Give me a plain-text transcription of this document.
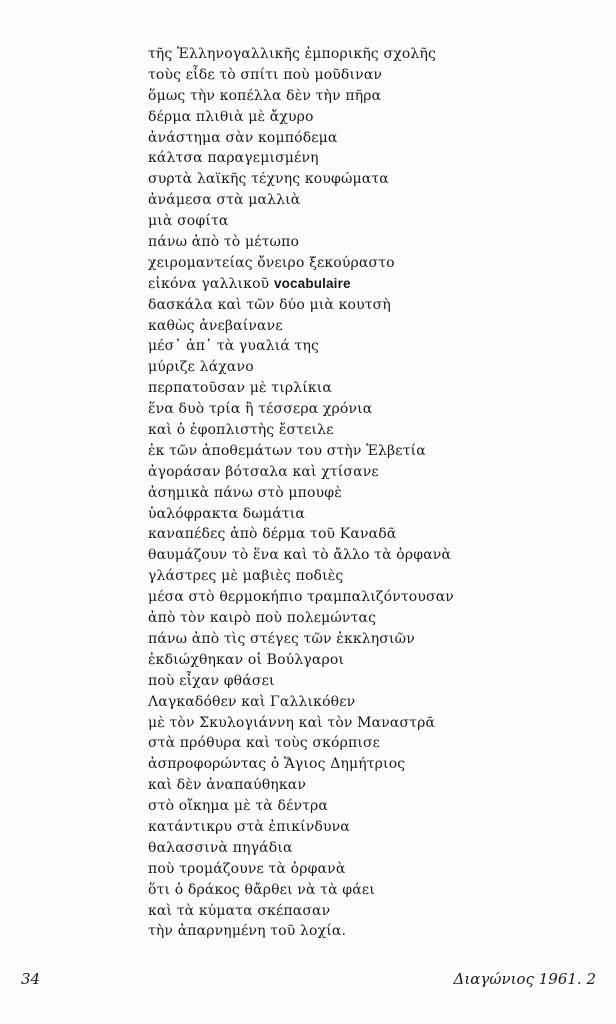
τῆς Ἑλληνογαλλικῆς ἐμπορικῆς σχολῆς
τοὺς εἶδε τὸ σπίτι ποὺ μοῦδιναν
ὅμως τὴν κοπέλλα δὲν τὴν πῆρα
δέρμα πλιθιὰ μὲ ἄχυρο
ἀνάστημα σὰν κομπόδεμα
κάλτσα παραγεμισμένη
συρτὰ λαϊκῆς τέχνης κουφώματα
ἀνάμεσα στὰ μαλλιὰ
μιὰ σοφίτα
πάνω ἀπὸ τὸ μέτωπο
χειρομαντείας ὄνειρο ξεκούραστο
εἰκόνα γαλλικοῦ vocabulaire
δασκάλα καὶ τῶν δύο μιὰ κουτσὴ
καθὼς ἀνεβαίνανε
μέσ᾽ ἀπ᾽ τὰ γυαλιά της
μύριζε λάχανο
περπατοῦσαν μὲ τιρλίκια
ἕνα δυὸ τρία ἢ τέσσερα χρόνια
καὶ ὁ ἐφοπλιστὴς ἔστειλε
ἐκ τῶν ἀποθεμάτων του στὴν Ἑλβετία
ἀγοράσαν βότσαλα καὶ χτίσανε
ἀσημικὰ πάνω στὸ μπουφὲ
ὑαλόφρακτα δωμάτια
καναπέδες ἀπὸ δέρμα τοῦ Καναδᾶ
θαυμάζουν τὸ ἕνα καὶ τὸ ἄλλο τὰ ὀρφανὰ
γλάστρες μὲ μαβιὲς ποδιὲς
μέσα στὸ θερμοκήπιο τραμπαλιζόντουσαν
ἀπὸ τὸν καιρὸ ποὺ πολεμώντας
πάνω ἀπὸ τὶς στέγες τῶν ἐκκλησιῶν
ἐκδιώχθηκαν οἱ Βούλγαροι
ποὺ εἶχαν φθάσει
Λαγκαδόθεν καὶ Γαλλικόθεν
μὲ τὸν Σκυλογιάννη καὶ τὸν Μαναστρᾶ
στὰ πρόθυρα καὶ τοὺς σκόρπισε
ἀσπροφορώντας ὁ Ἅγιος Δημήτριος
καὶ δὲν ἀναπαύθηκαν
στὸ οἴκημα μὲ τὰ δέντρα
κατάντικρυ στὰ ἐπικίνδυνα
θαλασσινὰ πηγάδια
ποὺ τρομάζουνε τὰ ὀρφανὰ
ὅτι ὁ δράκος θἄρθει νὰ τὰ φάει
καὶ τὰ κύματα σκέπασαν
τὴν ἀπαρνημένη τοῦ λοχία.
34	Διαγώνιος 1961. 2
